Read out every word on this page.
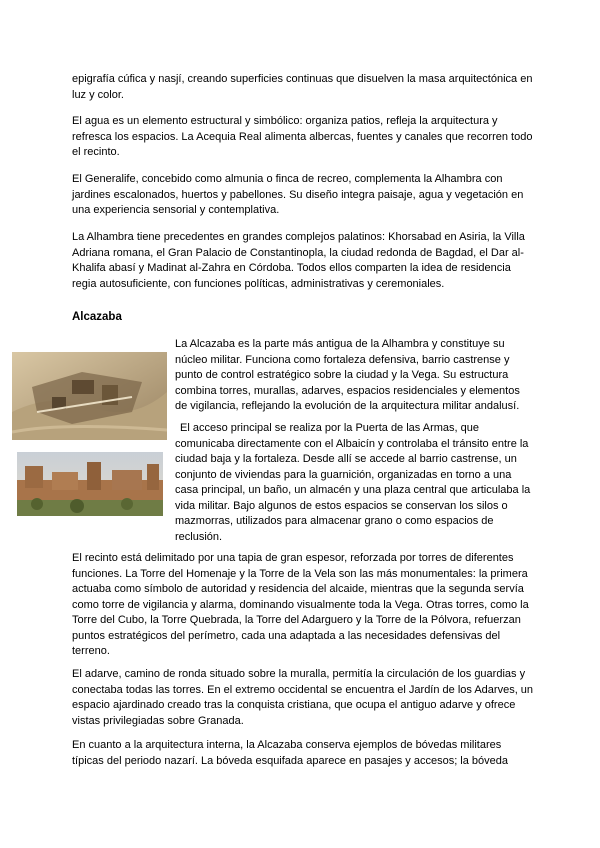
epigrafía cúfica y nasjí, creando superficies continuas que disuelven la masa arquitectónica en luz y color.

El agua es un elemento estructural y simbólico: organiza patios, refleja la arquitectura y refresca los espacios. La Acequia Real alimenta albercas, fuentes y canales que recorren todo el recinto.

El Generalife, concebido como almunia o finca de recreo, complementa la Alhambra con jardines escalonados, huertos y pabellones. Su diseño integra paisaje, agua y vegetación en una experiencia sensorial y contemplativa.

La Alhambra tiene precedentes en grandes complejos palatinos: Khorsabad en Asiria, la Villa Adriana romana, el Gran Palacio de Constantinopla, la ciudad redonda de Bagdad, el Dar al-Khalifa abasí y Madinat al-Zahra en Córdoba. Todos ellos comparten la idea de residencia regia autosuficiente, con funciones políticas, administrativas y ceremoniales.

Alcazaba

La Alcazaba es la parte más antigua de la Alhambra y constituye su núcleo militar. Funciona como fortaleza defensiva, barrio castrense y punto de control estratégico sobre la ciudad y la Vega. Su estructura combina torres, murallas, adarves, espacios residenciales y elementos de vigilancia, reflejando la evolución de la arquitectura militar andalusí.

El acceso principal se realiza por la Puerta de las Armas, que comunicaba directamente con el Albaicín y controlaba el tránsito entre la ciudad baja y la fortaleza. Desde allí se accede al barrio castrense, un conjunto de viviendas para la guarnición, organizadas en torno a una casa principal, un baño, un almacén y una plaza central que articulaba la vida militar. Bajo algunos de estos espacios se conservan los silos o mazmorras, utilizados para almacenar grano o como espacios de reclusión.

El recinto está delimitado por una tapia de gran espesor, reforzada por torres de diferentes funciones. La Torre del Homenaje y la Torre de la Vela son las más monumentales: la primera actuaba como símbolo de autoridad y residencia del alcaide, mientras que la segunda servía como torre de vigilancia y alarma, dominando visualmente toda la Vega. Otras torres, como la Torre del Cubo, la Torre Quebrada, la Torre del Adarguero y la Torre de la Pólvora, refuerzan puntos estratégicos del perímetro, cada una adaptada a las necesidades defensivas del terreno.

El adarve, camino de ronda situado sobre la muralla, permitía la circulación de los guardias y conectaba todas las torres. En el extremo occidental se encuentra el Jardín de los Adarves, un espacio ajardinado creado tras la conquista cristiana, que ocupa el antiguo adarve y ofrece vistas privilegiadas sobre Granada.

En cuanto a la arquitectura interna, la Alcazaba conserva ejemplos de bóvedas militares típicas del periodo nazarí. La bóveda esquifada aparece en pasajes y accesos; la bóveda
